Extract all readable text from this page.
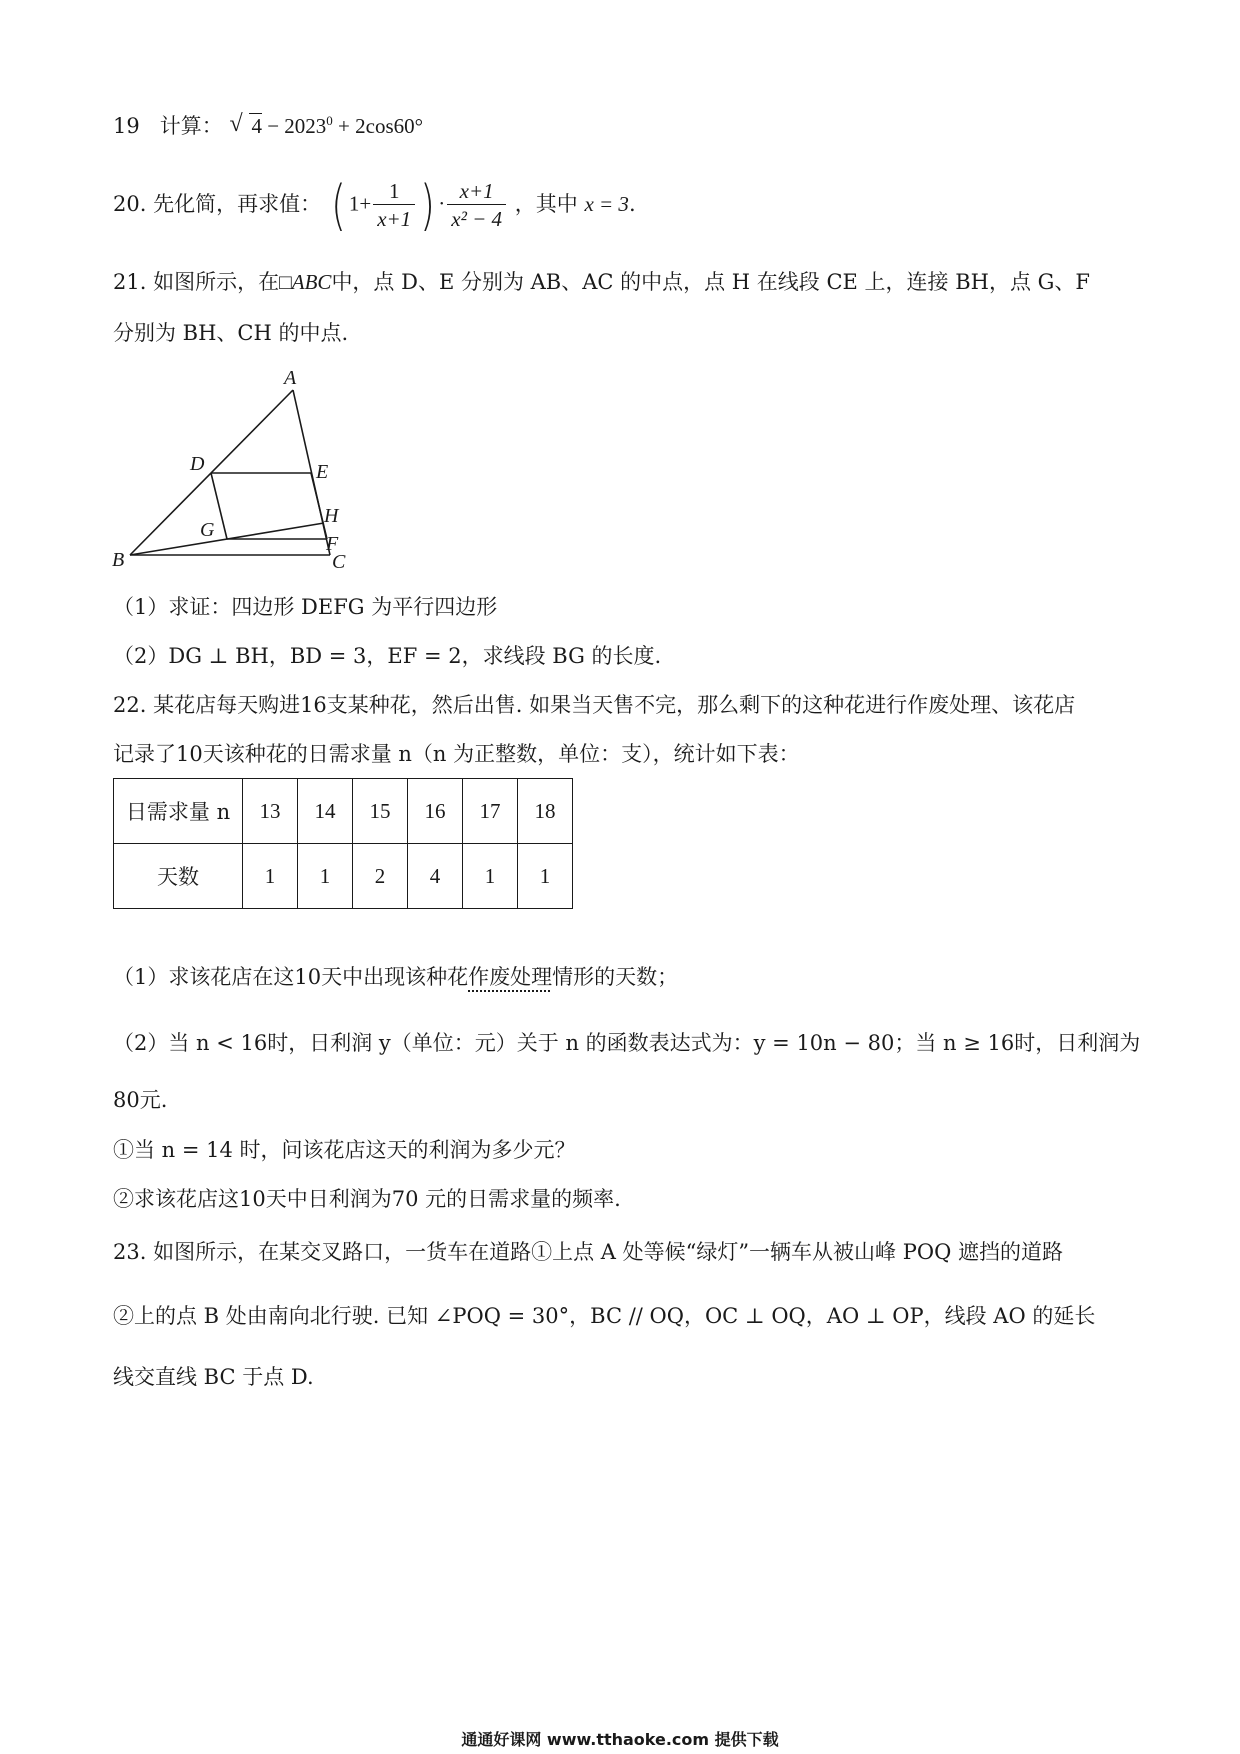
19 计算： √ $4 - 2023^0 + 2\cos 60^\circ$
20. 先化简，再求值： ( $1+ \frac{1}{x+1}$ ) · $\frac{x+1}{\text{x² − 4}}$ ，其中 x = 3.
21. 如图所示，在□ABC中，点 D、E 分别为 AB、AC 的中点，点 H 在线段 CE 上，连接 BH，点 G、F
分别为 BH、CH 的中点.
A
B	C
D	E
F
G
H
（1）求证：四边形 DEFG 为平行四边形
（2）DG ⊥ BH，BD = 3，EF = 2，求线段 BG 的长度.
22. 某花店每天购进16支某种花，然后出售. 如果当天售不完，那么剩下的这种花进行作废处理、该花店
记录了10天该种花的日需求量 n（n 为正整数，单位：支），统计如下表：
日需求量 n	13	14	15	16	17	18
天数	1	1	2	4	1	1
（1）求该花店在这10天中出现该种花作废处理情形的天数；
（2）当 n < 16时，日利润 y（单位：元）关于 n 的函数表达式为：y = 10n − 80；当 n ≥ 16时，日利润为
80元.
①当 n = 14 时，问该花店这天的利润为多少元？
②求该花店这10天中日利润为70 元的日需求量的频率.
23. 如图所示，在某交叉路口，一货车在道路①上点 A 处等候“绿灯”一辆车从被山峰 POQ 遮挡的道路
②上的点 B 处由南向北行驶. 已知 ∠POQ = 30°，BC // OQ，OC ⊥ OQ，AO ⊥ OP，线段 AO 的延长
线交直线 BC 于点 D.
通通好课网 www.tthaoke.com 提供下载
